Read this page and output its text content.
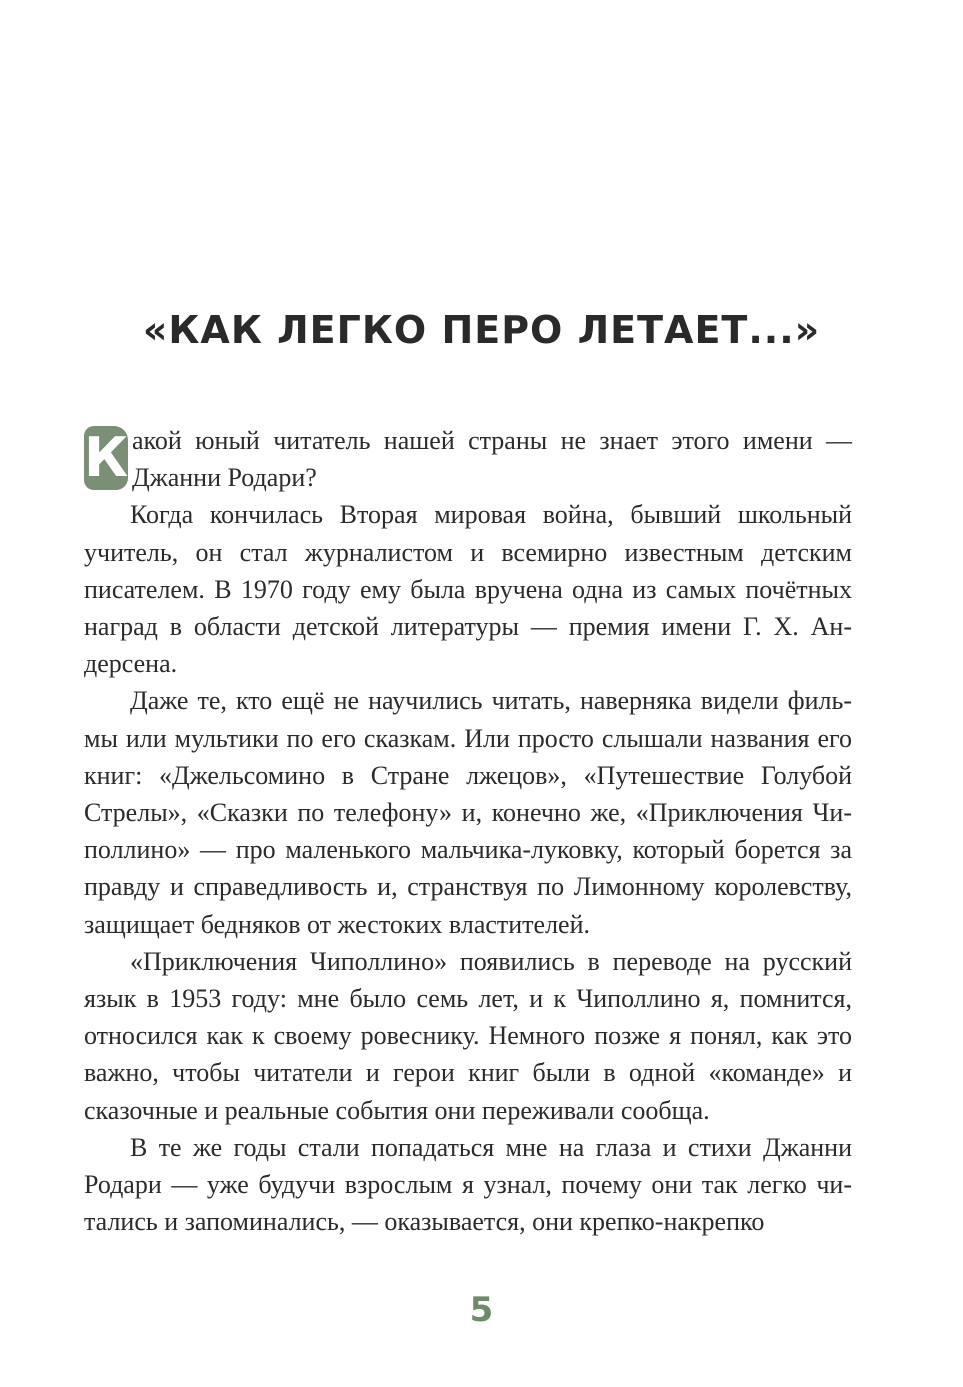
«КАК ЛЕГКО ПЕРО ЛЕТАЕТ...»

К акой юный читатель нашей страны не знает этого имени — Джанни Родари?

Когда кончилась Вторая мировая война, бывший школьный учитель, он стал журналистом и всемирно известным детским писателем. В 1970 году ему была вручена одна из самых почётных наград в области детской литературы — премия имени Г. Х. Андерсена.

Даже те, кто ещё не научились читать, наверняка видели фильмы или мультики по его сказкам. Или просто слышали названия его книг: «Джельсомино в Стране лжецов», «Путешествие Голубой Стрелы», «Сказки по телефону» и, конечно же, «Приключения Чиполлино» — про маленького мальчика-луковку, который борется за правду и справедливость и, странствуя по Лимонному королевству, защищает бедняков от жестоких властителей.

«Приключения Чиполлино» появились в переводе на русский язык в 1953 году: мне было семь лет, и к Чиполлино я, помнится, относился как к своему ровеснику. Немного позже я понял, как это важно, чтобы читатели и герои книг были в одной «команде» и сказочные и реальные события они переживали сообща.

В те же годы стали попадаться мне на глаза и стихи Джанни Родари — уже будучи взрослым я узнал, почему они так легко читались и запоминались, — оказывается, они крепко-накрепко

5
